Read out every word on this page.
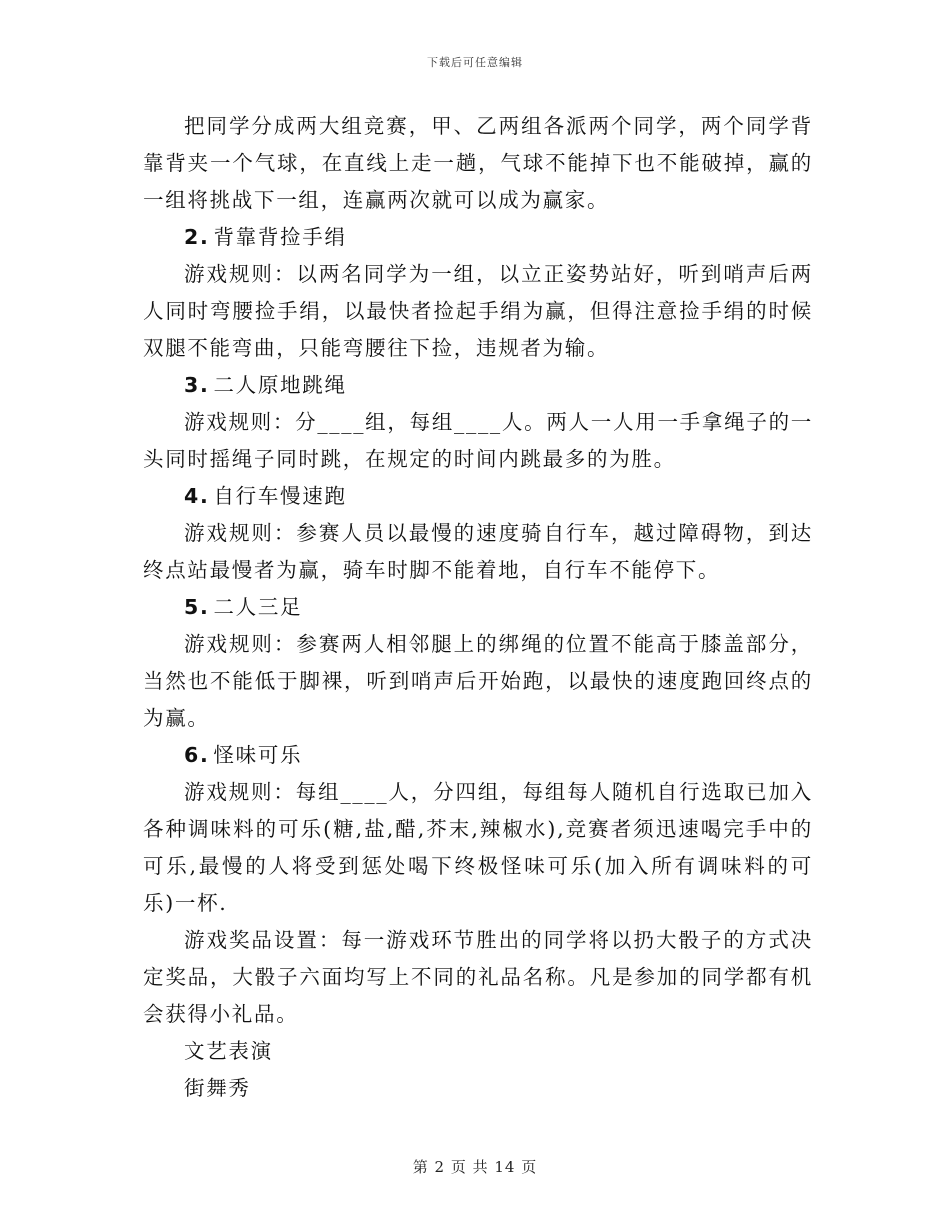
下载后可任意编辑

把同学分成两大组竞赛，甲、乙两组各派两个同学，两个同学背靠背夹一个气球，在直线上走一趟，气球不能掉下也不能破掉，赢的一组将挑战下一组，连赢两次就可以成为赢家。

2. 背靠背捡手绢

游戏规则：以两名同学为一组，以立正姿势站好，听到哨声后两人同时弯腰捡手绢，以最快者捡起手绢为赢，但得注意捡手绢的时候双腿不能弯曲，只能弯腰往下捡，违规者为输。

3. 二人原地跳绳

游戏规则：分____组，每组____人。两人一人用一手拿绳子的一头同时摇绳子同时跳，在规定的时间内跳最多的为胜。

4. 自行车慢速跑

游戏规则：参赛人员以最慢的速度骑自行车，越过障碍物，到达终点站最慢者为赢，骑车时脚不能着地，自行车不能停下。

5. 二人三足

游戏规则：参赛两人相邻腿上的绑绳的位置不能高于膝盖部分，当然也不能低于脚裸，听到哨声后开始跑，以最快的速度跑回终点的为赢。

6. 怪味可乐

游戏规则：每组____人，分四组，每组每人随机自行选取已加入各种调味料的可乐(糖,盐,醋,芥末,辣椒水),竞赛者须迅速喝完手中的可乐,最慢的人将受到惩处喝下终极怪味可乐(加入所有调味料的可乐)一杯.

游戏奖品设置：每一游戏环节胜出的同学将以扔大骰子的方式决定奖品，大骰子六面均写上不同的礼品名称。凡是参加的同学都有机会获得小礼品。

文艺表演

街舞秀

第 2 页 共 14 页
